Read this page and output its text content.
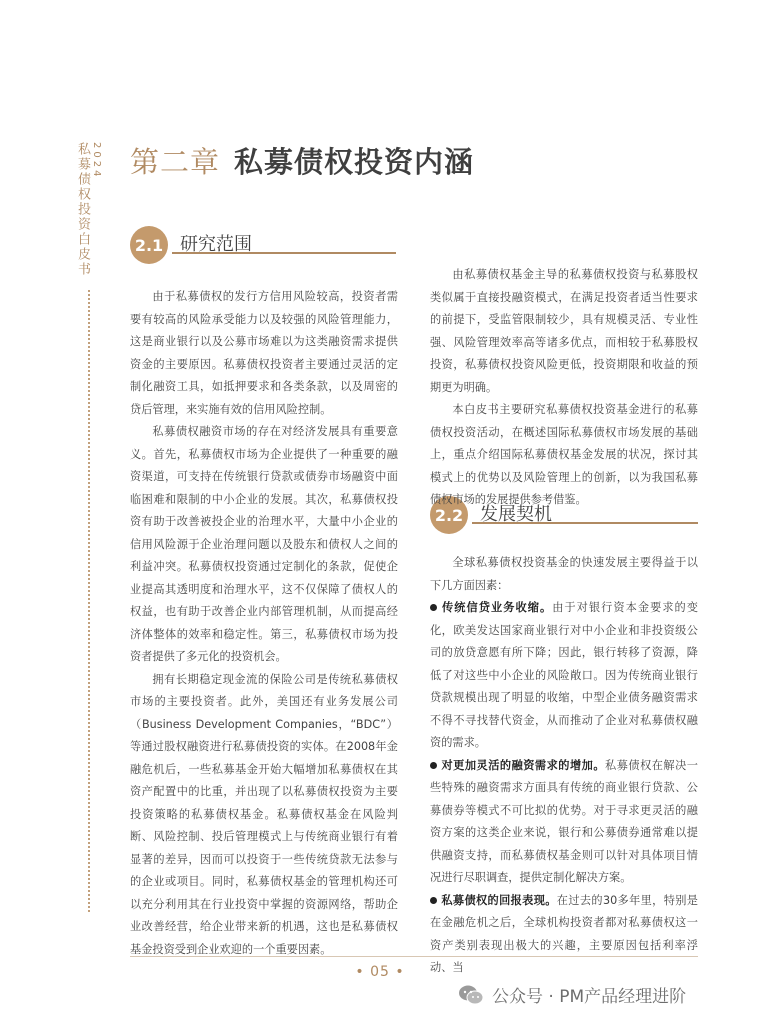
私募债权投资白皮书 2024 第二章 私募债权投资内涵
2.1 研究范围
2.2 发展契机

由于私募债权的发行方信用风险较高，投资者需要有较高的风险承受能力以及较强的风险管理能力，这是商业银行以及公募市场难以为这类融资需求提供资金的主要原因。私募债权投资者主要通过灵活的定制化融资工具，如抵押要求和各类条款，以及周密的贷后管理，来实施有效的信用风险控制。

私募债权融资市场的存在对经济发展具有重要意义。首先，私募债权市场为企业提供了一种重要的融资渠道，可支持在传统银行贷款或债券市场融资中面临困难和限制的中小企业的发展。其次，私募债权投资有助于改善被投企业的治理水平，大量中小企业的信用风险源于企业治理问题以及股东和债权人之间的利益冲突。私募债权投资通过定制化的条款，促使企业提高其透明度和治理水平，这不仅保障了债权人的权益，也有助于改善企业内部管理机制，从而提高经济体整体的效率和稳定性。第三，私募债权市场为投资者提供了多元化的投资机会。

拥有长期稳定现金流的保险公司是传统私募债权市场的主要投资者。此外，美国还有业务发展公司（Business Development Companies，“BDC”）等通过股权融资进行私募债投资的实体。在2008年金融危机后，一些私募基金开始大幅增加私募债权在其资产配置中的比重，并出现了以私募债权投资为主要投资策略的私募债权基金。私募债权基金在风险判断、风险控制、投后管理模式上与传统商业银行有着显著的差异，因而可以投资于一些传统贷款无法参与的企业或项目。同时，私募债权基金的管理机构还可以充分利用其在行业投资中掌握的资源网络，帮助企业改善经营，给企业带来新的机遇，这也是私募债权基金投资受到企业欢迎的一个重要因素。

由私募债权基金主导的私募债权投资与私募股权类似属于直接投融资模式，在满足投资者适当性要求的前提下，受监管限制较少，具有规模灵活、专业性强、风险管理效率高等诸多优点，而相较于私募股权投资，私募债权投资风险更低，投资期限和收益的预期更为明确。

本白皮书主要研究私募债权投资基金进行的私募债权投资活动，在概述国际私募债权市场发展的基础上，重点介绍国际私募债权基金发展的状况，探讨其模式上的优势以及风险管理上的创新，以为我国私募债权市场的发展提供参考借鉴。

全球私募债权投资基金的快速发展主要得益于以下几方面因素：

传统信贷业务收缩。由于对银行资本金要求的变化，欧美发达国家商业银行对中小企业和非投资级公司的放贷意愿有所下降；因此，银行转移了资源，降低了对这些中小企业的风险敞口。因为传统商业银行贷款规模出现了明显的收缩，中型企业债务融资需求不得不寻找替代资金，从而推动了企业对私募债权融资的需求。

对更加灵活的融资需求的增加。私募债权在解决一些特殊的融资需求方面具有传统的商业银行贷款、公募债券等模式不可比拟的优势。对于寻求更灵活的融资方案的这类企业来说，银行和公募债券通常难以提供融资支持，而私募债权基金则可以针对具体项目情况进行尽职调查，提供定制化解决方案。

私募债权的回报表现。在过去的30多年里，特别是在金融危机之后，全球机构投资者都对私募债权这一资产类别表现出极大的兴趣，主要原因包括利率浮动、当

• 05 •
公众号 · PM产品经理进阶
